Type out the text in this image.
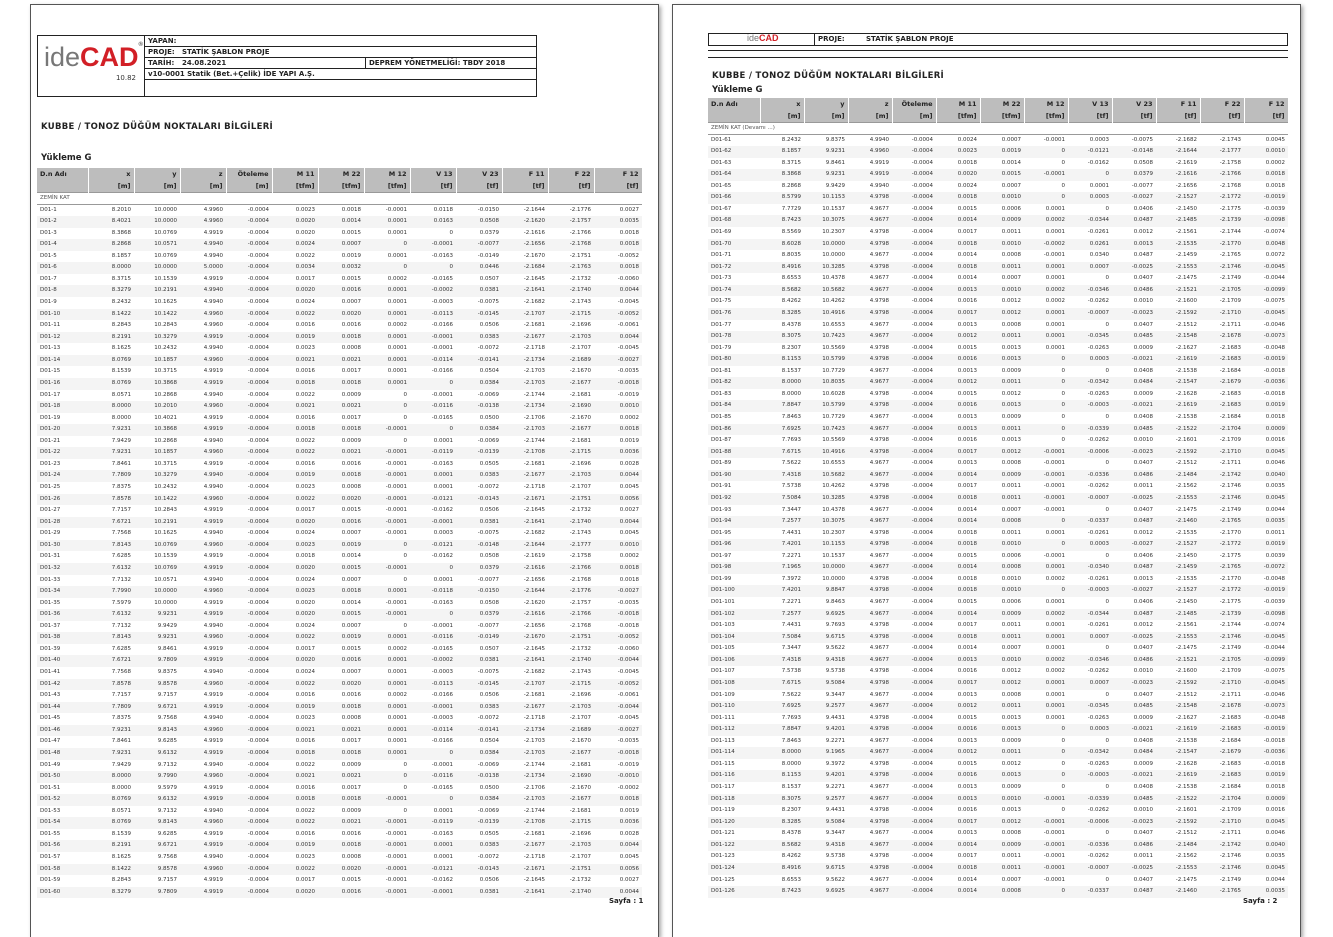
ideCAD®
10.82
YAPAN:
PROJE: STATİK ŞABLON PROJE
TARİH: 24.08.2021	DEPREM YÖNETMELİĞİ: TBDY 2018
v10-0001 Statik (Bet.+Çelik) İDE YAPI A.Ş.
KUBBE / TONOZ DÜĞÜM NOKTALARI BİLGİLERİ
Yükleme G
D.n Adı	x	y	z	Öteleme	M 11	M 22	M 12	V 13	V 23	F 11	F 22	F 12
	[m]	[m]	[m]	[m]	[tfm]	[tfm]	[tfm]	[tf]	[tf]	[tf]	[tf]	[tf]
ZEMİN KAT												
D01-1	8.2010	10.0000	4.9960	-0.0004	0.0023	0.0018	-0.0001	0.0118	-0.0150	-2.1644	-2.1776	0.0027
D01-2	8.4021	10.0000	4.9960	-0.0004	0.0020	0.0014	0.0001	0.0163	0.0508	-2.1620	-2.1757	0.0035
D01-3	8.3868	10.0769	4.9919	-0.0004	0.0020	0.0015	0.0001	0	0.0379	-2.1616	-2.1766	0.0018
D01-4	8.2868	10.0571	4.9940	-0.0004	0.0024	0.0007	0	-0.0001	-0.0077	-2.1656	-2.1768	0.0018
D01-5	8.1857	10.0769	4.9940	-0.0004	0.0022	0.0019	0.0001	-0.0163	-0.0149	-2.1670	-2.1751	-0.0052
D01-6	8.0000	10.0000	5.0000	-0.0004	0.0034	0.0032	0	0	0.0446	-2.1684	-2.1763	0.0018
D01-7	8.3715	10.1539	4.9919	-0.0004	0.0017	0.0015	0.0002	-0.0165	0.0507	-2.1645	-2.1732	-0.0060
D01-8	8.3279	10.2191	4.9940	-0.0004	0.0020	0.0016	0.0001	-0.0002	0.0381	-2.1641	-2.1740	0.0044
D01-9	8.2432	10.1625	4.9940	-0.0004	0.0024	0.0007	0.0001	-0.0003	-0.0075	-2.1682	-2.1743	-0.0045
D01-10	8.1422	10.1422	4.9960	-0.0004	0.0022	0.0020	0.0001	-0.0113	-0.0145	-2.1707	-2.1715	-0.0052
D01-11	8.2843	10.2843	4.9960	-0.0004	0.0016	0.0016	0.0002	-0.0166	0.0506	-2.1681	-2.1696	-0.0061
D01-12	8.2191	10.3279	4.9919	-0.0004	0.0019	0.0018	0.0001	-0.0001	0.0383	-2.1677	-2.1703	0.0044
D01-13	8.1625	10.2432	4.9940	-0.0004	0.0023	0.0008	0.0001	-0.0001	-0.0072	-2.1718	-2.1707	-0.0045
D01-14	8.0769	10.1857	4.9960	-0.0004	0.0021	0.0021	0.0001	-0.0114	-0.0141	-2.1734	-2.1689	-0.0027
D01-15	8.1539	10.3715	4.9919	-0.0004	0.0016	0.0017	0.0001	-0.0166	0.0504	-2.1703	-2.1670	-0.0035
D01-16	8.0769	10.3868	4.9919	-0.0004	0.0018	0.0018	0.0001	0	0.0384	-2.1703	-2.1677	-0.0018
D01-17	8.0571	10.2868	4.9940	-0.0004	0.0022	0.0009	0	-0.0001	-0.0069	-2.1744	-2.1681	-0.0019
D01-18	8.0000	10.2010	4.9960	-0.0004	0.0021	0.0021	0	-0.0116	-0.0138	-2.1734	-2.1690	0.0010
D01-19	8.0000	10.4021	4.9919	-0.0004	0.0016	0.0017	0	-0.0165	0.0500	-2.1706	-2.1670	0.0002
D01-20	7.9231	10.3868	4.9919	-0.0004	0.0018	0.0018	-0.0001	0	0.0384	-2.1703	-2.1677	0.0018
D01-21	7.9429	10.2868	4.9940	-0.0004	0.0022	0.0009	0	0.0001	-0.0069	-2.1744	-2.1681	0.0019
D01-22	7.9231	10.1857	4.9960	-0.0004	0.0022	0.0021	-0.0001	-0.0119	-0.0139	-2.1708	-2.1715	0.0036
D01-23	7.8461	10.3715	4.9919	-0.0004	0.0016	0.0016	-0.0001	-0.0163	0.0505	-2.1681	-2.1696	0.0028
D01-24	7.7809	10.3279	4.9940	-0.0004	0.0019	0.0018	-0.0001	0.0001	0.0383	-2.1677	-2.1703	0.0044
D01-25	7.8375	10.2432	4.9940	-0.0004	0.0023	0.0008	-0.0001	0.0001	-0.0072	-2.1718	-2.1707	0.0045
D01-26	7.8578	10.1422	4.9960	-0.0004	0.0022	0.0020	-0.0001	-0.0121	-0.0143	-2.1671	-2.1751	0.0056
D01-27	7.7157	10.2843	4.9919	-0.0004	0.0017	0.0015	-0.0001	-0.0162	0.0506	-2.1645	-2.1732	0.0027
D01-28	7.6721	10.2191	4.9919	-0.0004	0.0020	0.0016	-0.0001	-0.0001	0.0381	-2.1641	-2.1740	0.0044
D01-29	7.7568	10.1625	4.9940	-0.0004	0.0024	0.0007	-0.0001	0.0003	-0.0075	-2.1682	-2.1743	0.0045
D01-30	7.8143	10.0769	4.9960	-0.0004	0.0023	0.0019	0	-0.0121	-0.0148	-2.1644	-2.1777	0.0010
D01-31	7.6285	10.1539	4.9919	-0.0004	0.0018	0.0014	0	-0.0162	0.0508	-2.1619	-2.1758	0.0002
D01-32	7.6132	10.0769	4.9919	-0.0004	0.0020	0.0015	-0.0001	0	0.0379	-2.1616	-2.1766	0.0018
D01-33	7.7132	10.0571	4.9940	-0.0004	0.0024	0.0007	0	0.0001	-0.0077	-2.1656	-2.1768	0.0018
D01-34	7.7990	10.0000	4.9960	-0.0004	0.0023	0.0018	0.0001	-0.0118	-0.0150	-2.1644	-2.1776	-0.0027
D01-35	7.5979	10.0000	4.9919	-0.0004	0.0020	0.0014	-0.0001	-0.0163	0.0508	-2.1620	-2.1757	-0.0035
D01-36	7.6132	9.9231	4.9919	-0.0004	0.0020	0.0015	-0.0001	0	0.0379	-2.1616	-2.1766	-0.0018
D01-37	7.7132	9.9429	4.9940	-0.0004	0.0024	0.0007	0	-0.0001	-0.0077	-2.1656	-2.1768	-0.0018
D01-38	7.8143	9.9231	4.9960	-0.0004	0.0022	0.0019	0.0001	-0.0116	-0.0149	-2.1670	-2.1751	-0.0052
D01-39	7.6285	9.8461	4.9919	-0.0004	0.0017	0.0015	0.0002	-0.0165	0.0507	-2.1645	-2.1732	-0.0060
D01-40	7.6721	9.7809	4.9919	-0.0004	0.0020	0.0016	0.0001	-0.0002	0.0381	-2.1641	-2.1740	-0.0044
D01-41	7.7568	9.8375	4.9940	-0.0004	0.0024	0.0007	0.0001	-0.0003	-0.0075	-2.1682	-2.1743	-0.0045
D01-42	7.8578	9.8578	4.9960	-0.0004	0.0022	0.0020	0.0001	-0.0113	-0.0145	-2.1707	-2.1715	-0.0052
D01-43	7.7157	9.7157	4.9919	-0.0004	0.0016	0.0016	0.0002	-0.0166	0.0506	-2.1681	-2.1696	-0.0061
D01-44	7.7809	9.6721	4.9919	-0.0004	0.0019	0.0018	0.0001	-0.0001	0.0383	-2.1677	-2.1703	-0.0044
D01-45	7.8375	9.7568	4.9940	-0.0004	0.0023	0.0008	0.0001	-0.0003	-0.0072	-2.1718	-2.1707	-0.0045
D01-46	7.9231	9.8143	4.9960	-0.0004	0.0021	0.0021	0.0001	-0.0114	-0.0141	-2.1734	-2.1689	-0.0027
D01-47	7.8461	9.6285	4.9919	-0.0004	0.0016	0.0017	0.0001	-0.0166	0.0504	-2.1703	-2.1670	-0.0035
D01-48	7.9231	9.6132	4.9919	-0.0004	0.0018	0.0018	0.0001	0	0.0384	-2.1703	-2.1677	-0.0018
D01-49	7.9429	9.7132	4.9940	-0.0004	0.0022	0.0009	0	-0.0001	-0.0069	-2.1744	-2.1681	-0.0019
D01-50	8.0000	9.7990	4.9960	-0.0004	0.0021	0.0021	0	-0.0116	-0.0138	-2.1734	-2.1690	-0.0010
D01-51	8.0000	9.5979	4.9919	-0.0004	0.0016	0.0017	0	-0.0165	0.0500	-2.1706	-2.1670	-0.0002
D01-52	8.0769	9.6132	4.9919	-0.0004	0.0018	0.0018	-0.0001	0	0.0384	-2.1703	-2.1677	0.0018
D01-53	8.0571	9.7132	4.9940	-0.0004	0.0022	0.0009	0	0.0001	-0.0069	-2.1744	-2.1681	0.0019
D01-54	8.0769	9.8143	4.9960	-0.0004	0.0022	0.0021	-0.0001	-0.0119	-0.0139	-2.1708	-2.1715	0.0036
D01-55	8.1539	9.6285	4.9919	-0.0004	0.0016	0.0016	-0.0001	-0.0163	0.0505	-2.1681	-2.1696	0.0028
D01-56	8.2191	9.6721	4.9919	-0.0004	0.0019	0.0018	-0.0001	0.0001	0.0383	-2.1677	-2.1703	0.0044
D01-57	8.1625	9.7568	4.9940	-0.0004	0.0023	0.0008	-0.0001	0.0001	-0.0072	-2.1718	-2.1707	0.0045
D01-58	8.1422	9.8578	4.9960	-0.0004	0.0022	0.0020	-0.0001	-0.0121	-0.0143	-2.1671	-2.1751	0.0056
D01-59	8.2843	9.7157	4.9919	-0.0004	0.0017	0.0015	-0.0001	-0.0162	0.0506	-2.1645	-2.1732	0.0027
D01-60	8.3279	9.7809	4.9919	-0.0004	0.0020	0.0016	-0.0001	-0.0001	0.0381	-2.1641	-2.1740	0.0044
Sayfa : 1
ideCAD	PROJE:	STATİK ŞABLON PROJE
KUBBE / TONOZ DÜĞÜM NOKTALARI BİLGİLERİ
Yükleme G
D.n Adı	x	y	z	Öteleme	M 11	M 22	M 12	V 13	V 23	F 11	F 22	F 12
	[m]	[m]	[m]	[m]	[tfm]	[tfm]	[tfm]	[tf]	[tf]	[tf]	[tf]	[tf]
ZEMİN KAT (Devamı ...)												
D01-61	8.2432	9.8375	4.9940	-0.0004	0.0024	0.0007	-0.0001	0.0003	-0.0075	-2.1682	-2.1743	0.0045
D01-62	8.1857	9.9231	4.9960	-0.0004	0.0023	0.0019	0	-0.0121	-0.0148	-2.1644	-2.1777	0.0010
D01-63	8.3715	9.8461	4.9919	-0.0004	0.0018	0.0014	0	-0.0162	0.0508	-2.1619	-2.1758	0.0002
D01-64	8.3868	9.9231	4.9919	-0.0004	0.0020	0.0015	-0.0001	0	0.0379	-2.1616	-2.1766	0.0018
D01-65	8.2868	9.9429	4.9940	-0.0004	0.0024	0.0007	0	0.0001	-0.0077	-2.1656	-2.1768	0.0018
D01-66	8.5799	10.1153	4.9798	-0.0004	0.0018	0.0010	0	0.0003	-0.0027	-2.1527	-2.1772	-0.0019
D01-67	7.7729	10.1537	4.9677	-0.0004	0.0015	0.0006	0.0001	0	0.0406	-2.1450	-2.1775	-0.0039
D01-68	8.7423	10.3075	4.9677	-0.0004	0.0014	0.0009	0.0002	-0.0344	0.0487	-2.1485	-2.1739	-0.0098
D01-69	8.5569	10.2307	4.9798	-0.0004	0.0017	0.0011	0.0001	-0.0261	0.0012	-2.1561	-2.1744	-0.0074
D01-70	8.6028	10.0000	4.9798	-0.0004	0.0018	0.0010	-0.0002	0.0261	0.0013	-2.1535	-2.1770	0.0048
D01-71	8.8035	10.0000	4.9677	-0.0004	0.0014	0.0008	-0.0001	0.0340	0.0487	-2.1459	-2.1765	0.0072
D01-72	8.4916	10.3285	4.9798	-0.0004	0.0018	0.0011	0.0001	0.0007	-0.0025	-2.1553	-2.1746	-0.0045
D01-73	8.6553	10.4378	4.9677	-0.0004	0.0014	0.0007	0.0001	0	0.0407	-2.1475	-2.1749	-0.0044
D01-74	8.5682	10.5682	4.9677	-0.0004	0.0013	0.0010	0.0002	-0.0346	0.0486	-2.1521	-2.1705	-0.0099
D01-75	8.4262	10.4262	4.9798	-0.0004	0.0016	0.0012	0.0002	-0.0262	0.0010	-2.1600	-2.1709	-0.0075
D01-76	8.3285	10.4916	4.9798	-0.0004	0.0017	0.0012	0.0001	-0.0007	-0.0023	-2.1592	-2.1710	-0.0045
D01-77	8.4378	10.6553	4.9677	-0.0004	0.0013	0.0008	0.0001	0	0.0407	-2.1512	-2.1711	-0.0046
D01-78	8.3075	10.7423	4.9677	-0.0004	0.0012	0.0011	0.0001	-0.0345	0.0485	-2.1548	-2.1678	-0.0073
D01-79	8.2307	10.5569	4.9798	-0.0004	0.0015	0.0013	0.0001	-0.0263	0.0009	-2.1627	-2.1683	-0.0048
D01-80	8.1153	10.5799	4.9798	-0.0004	0.0016	0.0013	0	0.0003	-0.0021	-2.1619	-2.1683	-0.0019
D01-81	8.1537	10.7729	4.9677	-0.0004	0.0013	0.0009	0	0	0.0408	-2.1538	-2.1684	-0.0018
D01-82	8.0000	10.8035	4.9677	-0.0004	0.0012	0.0011	0	-0.0342	0.0484	-2.1547	-2.1679	-0.0036
D01-83	8.0000	10.6028	4.9798	-0.0004	0.0015	0.0012	0	-0.0263	0.0009	-2.1628	-2.1683	-0.0018
D01-84	7.8847	10.5799	4.9798	-0.0004	0.0016	0.0013	0	-0.0003	-0.0021	-2.1619	-2.1683	0.0019
D01-85	7.8463	10.7729	4.9677	-0.0004	0.0013	0.0009	0	0	0.0408	-2.1538	-2.1684	0.0018
D01-86	7.6925	10.7423	4.9677	-0.0004	0.0013	0.0011	0	-0.0339	0.0485	-2.1522	-2.1704	0.0009
D01-87	7.7693	10.5569	4.9798	-0.0004	0.0016	0.0013	0	-0.0262	0.0010	-2.1601	-2.1709	0.0016
D01-88	7.6715	10.4916	4.9798	-0.0004	0.0017	0.0012	-0.0001	-0.0006	-0.0023	-2.1592	-2.1710	0.0045
D01-89	7.5622	10.6553	4.9677	-0.0004	0.0013	0.0008	-0.0001	0	0.0407	-2.1512	-2.1711	0.0046
D01-90	7.4318	10.5682	4.9677	-0.0004	0.0014	0.0009	-0.0001	-0.0336	0.0486	-2.1484	-2.1742	0.0040
D01-91	7.5738	10.4262	4.9798	-0.0004	0.0017	0.0011	-0.0001	-0.0262	0.0011	-2.1562	-2.1746	0.0035
D01-92	7.5084	10.3285	4.9798	-0.0004	0.0018	0.0011	-0.0001	-0.0007	-0.0025	-2.1553	-2.1746	0.0045
D01-93	7.3447	10.4378	4.9677	-0.0004	0.0014	0.0007	-0.0001	0	0.0407	-2.1475	-2.1749	0.0044
D01-94	7.2577	10.3075	4.9677	-0.0004	0.0014	0.0008	0	-0.0337	0.0487	-2.1460	-2.1765	0.0035
D01-95	7.4431	10.2307	4.9798	-0.0004	0.0018	0.0011	0.0001	-0.0261	0.0012	-2.1535	-2.1770	0.0011
D01-96	7.4201	10.1153	4.9798	-0.0004	0.0018	0.0010	0	0.0003	-0.0027	-2.1527	-2.1772	0.0019
D01-97	7.2271	10.1537	4.9677	-0.0004	0.0015	0.0006	-0.0001	0	0.0406	-2.1450	-2.1775	0.0039
D01-98	7.1965	10.0000	4.9677	-0.0004	0.0014	0.0008	0.0001	-0.0340	0.0487	-2.1459	-2.1765	-0.0072
D01-99	7.3972	10.0000	4.9798	-0.0004	0.0018	0.0010	0.0002	-0.0261	0.0013	-2.1535	-2.1770	-0.0048
D01-100	7.4201	9.8847	4.9798	-0.0004	0.0018	0.0010	0	-0.0003	-0.0027	-2.1527	-2.1772	-0.0019
D01-101	7.2271	9.8463	4.9677	-0.0004	0.0015	0.0006	0.0001	0	0.0406	-2.1450	-2.1775	-0.0039
D01-102	7.2577	9.6925	4.9677	-0.0004	0.0014	0.0009	0.0002	-0.0344	0.0487	-2.1485	-2.1739	-0.0098
D01-103	7.4431	9.7693	4.9798	-0.0004	0.0017	0.0011	0.0001	-0.0261	0.0012	-2.1561	-2.1744	-0.0074
D01-104	7.5084	9.6715	4.9798	-0.0004	0.0018	0.0011	0.0001	0.0007	-0.0025	-2.1553	-2.1746	-0.0045
D01-105	7.3447	9.5622	4.9677	-0.0004	0.0014	0.0007	0.0001	0	0.0407	-2.1475	-2.1749	-0.0044
D01-106	7.4318	9.4318	4.9677	-0.0004	0.0013	0.0010	0.0002	-0.0346	0.0486	-2.1521	-2.1705	-0.0099
D01-107	7.5738	9.5738	4.9798	-0.0004	0.0016	0.0012	0.0002	-0.0262	0.0010	-2.1600	-2.1709	-0.0075
D01-108	7.6715	9.5084	4.9798	-0.0004	0.0017	0.0012	0.0001	0.0007	-0.0023	-2.1592	-2.1710	-0.0045
D01-109	7.5622	9.3447	4.9677	-0.0004	0.0013	0.0008	0.0001	0	0.0407	-2.1512	-2.1711	-0.0046
D01-110	7.6925	9.2577	4.9677	-0.0004	0.0012	0.0011	0.0001	-0.0345	0.0485	-2.1548	-2.1678	-0.0073
D01-111	7.7693	9.4431	4.9798	-0.0004	0.0015	0.0013	0.0001	-0.0263	0.0009	-2.1627	-2.1683	-0.0048
D01-112	7.8847	9.4201	4.9798	-0.0004	0.0016	0.0013	0	0.0003	-0.0021	-2.1619	-2.1683	-0.0019
D01-113	7.8463	9.2271	4.9677	-0.0004	0.0013	0.0009	0	0	0.0408	-2.1538	-2.1684	-0.0018
D01-114	8.0000	9.1965	4.9677	-0.0004	0.0012	0.0011	0	-0.0342	0.0484	-2.1547	-2.1679	-0.0036
D01-115	8.0000	9.3972	4.9798	-0.0004	0.0015	0.0012	0	-0.0263	0.0009	-2.1628	-2.1683	-0.0018
D01-116	8.1153	9.4201	4.9798	-0.0004	0.0016	0.0013	0	-0.0003	-0.0021	-2.1619	-2.1683	0.0019
D01-117	8.1537	9.2271	4.9677	-0.0004	0.0013	0.0009	0	0	0.0408	-2.1538	-2.1684	0.0018
D01-118	8.3075	9.2577	4.9677	-0.0004	0.0013	0.0010	-0.0001	-0.0339	0.0485	-2.1522	-2.1704	0.0009
D01-119	8.2307	9.4431	4.9798	-0.0004	0.0016	0.0013	0	-0.0262	0.0010	-2.1601	-2.1709	0.0016
D01-120	8.3285	9.5084	4.9798	-0.0004	0.0017	0.0012	-0.0001	-0.0006	-0.0023	-2.1592	-2.1710	0.0045
D01-121	8.4378	9.3447	4.9677	-0.0004	0.0013	0.0008	-0.0001	0	0.0407	-2.1512	-2.1711	0.0046
D01-122	8.5682	9.4318	4.9677	-0.0004	0.0014	0.0009	-0.0001	-0.0336	0.0486	-2.1484	-2.1742	0.0040
D01-123	8.4262	9.5738	4.9798	-0.0004	0.0017	0.0011	-0.0001	-0.0262	0.0011	-2.1562	-2.1746	0.0035
D01-124	8.4916	9.6715	4.9798	-0.0004	0.0018	0.0011	-0.0001	-0.0007	-0.0025	-2.1553	-2.1746	0.0045
D01-125	8.6553	9.5622	4.9677	-0.0004	0.0014	0.0007	-0.0001	0	0.0407	-2.1475	-2.1749	0.0044
D01-126	8.7423	9.6925	4.9677	-0.0004	0.0014	0.0008	0	-0.0337	0.0487	-2.1460	-2.1765	0.0035
Sayfa : 2
